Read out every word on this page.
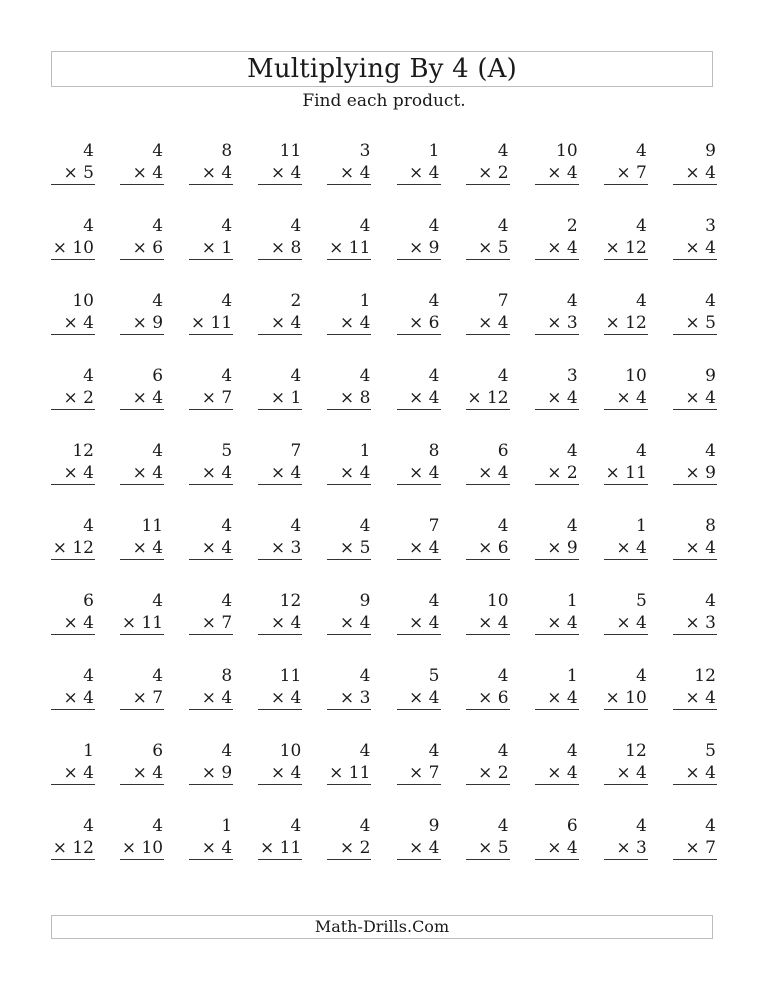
Multiplying By 4 (A)
Find each product.
4
× 5
4
× 4
8
× 4
11
× 4
3
× 4
1
× 4
4
× 2
10
× 4
4
× 7
9
× 4
4
× 10
4
× 6
4
× 1
4
× 8
4
× 11
4
× 9
4
× 5
2
× 4
4
× 12
3
× 4
10
× 4
4
× 9
4
× 11
2
× 4
1
× 4
4
× 6
7
× 4
4
× 3
4
× 12
4
× 5
4
× 2
6
× 4
4
× 7
4
× 1
4
× 8
4
× 4
4
× 12
3
× 4
10
× 4
9
× 4
12
× 4
4
× 4
5
× 4
7
× 4
1
× 4
8
× 4
6
× 4
4
× 2
4
× 11
4
× 9
4
× 12
11
× 4
4
× 4
4
× 3
4
× 5
7
× 4
4
× 6
4
× 9
1
× 4
8
× 4
6
× 4
4
× 11
4
× 7
12
× 4
9
× 4
4
× 4
10
× 4
1
× 4
5
× 4
4
× 3
4
× 4
4
× 7
8
× 4
11
× 4
4
× 3
5
× 4
4
× 6
1
× 4
4
× 10
12
× 4
1
× 4
6
× 4
4
× 9
10
× 4
4
× 11
4
× 7
4
× 2
4
× 4
12
× 4
5
× 4
4
× 12
4
× 10
1
× 4
4
× 11
4
× 2
9
× 4
4
× 5
6
× 4
4
× 3
4
× 7
Math-Drills.Com
